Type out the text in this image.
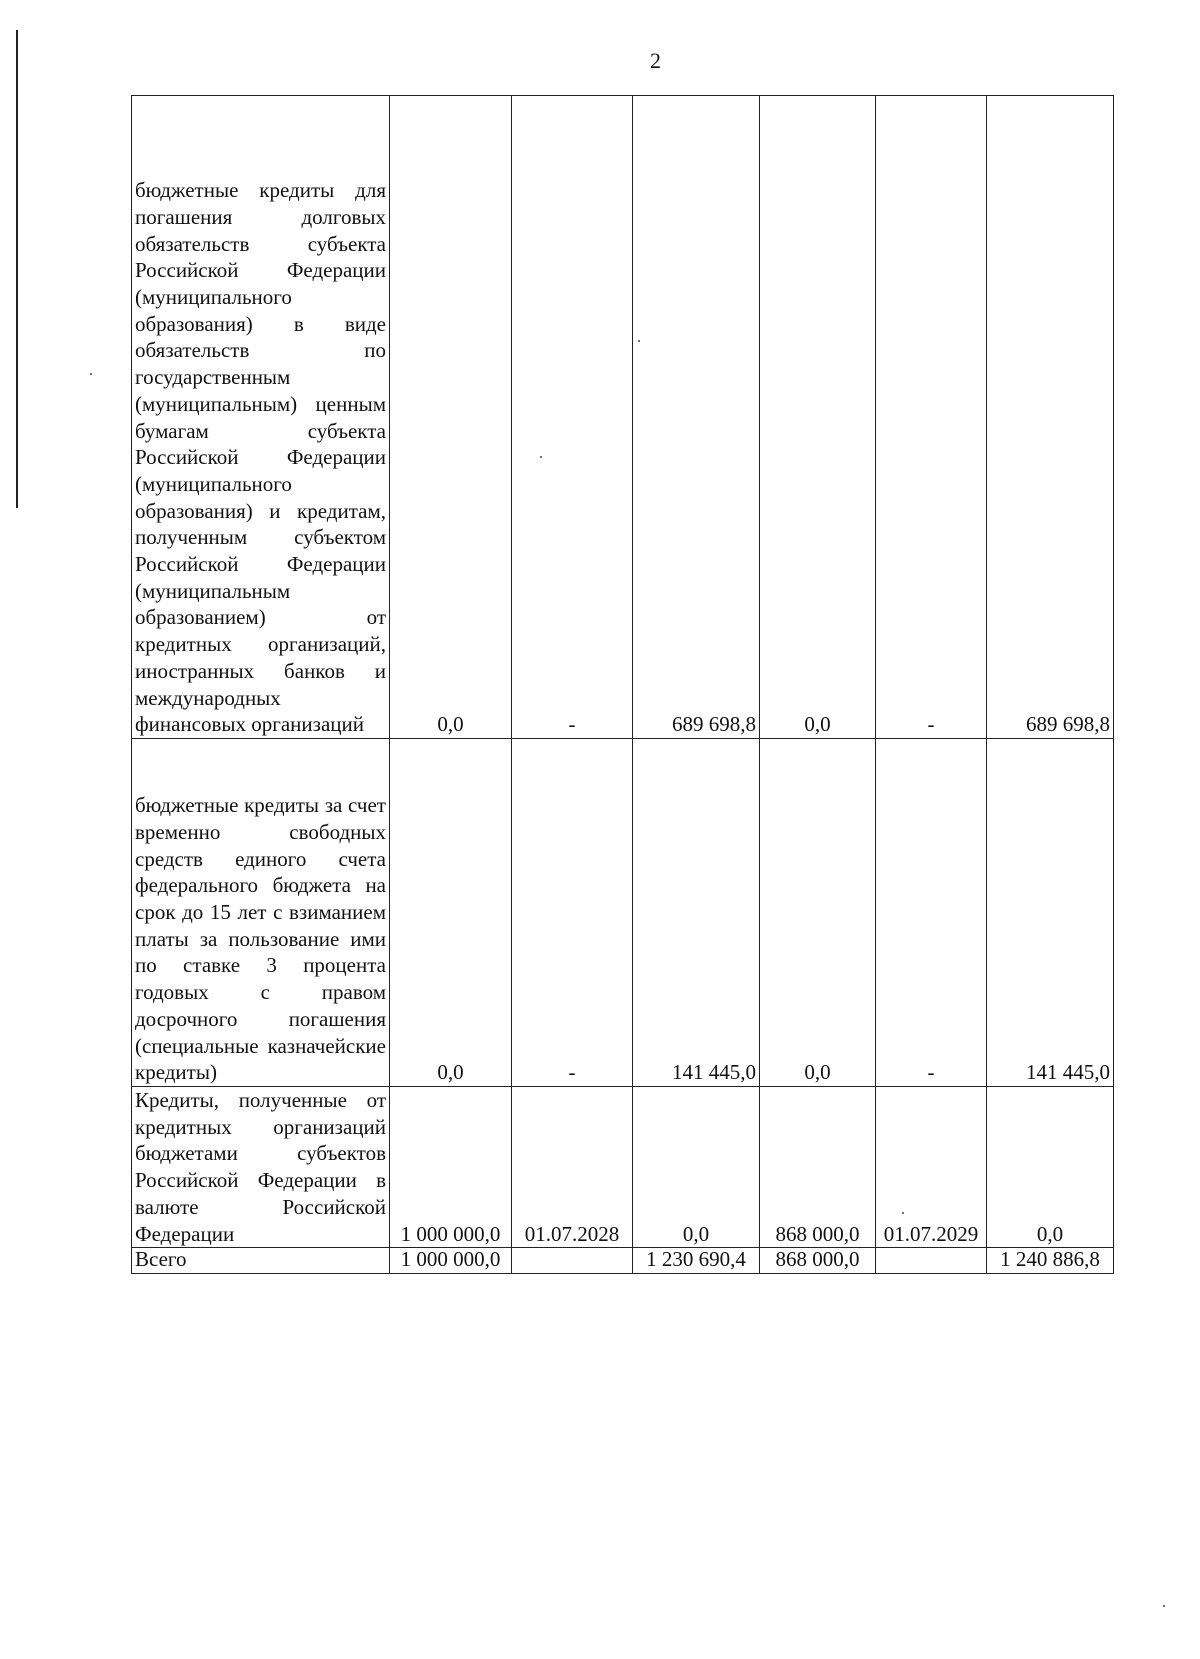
2
бюджетные кредиты для погашения долговых обязательств субъекта Российской Федерации (муниципального образования) в виде обязательств по государственным (муниципальным) ценным бумагам субъекта Российской Федерации (муниципального образования) и кредитам, полученным субъектом Российской Федерации (муниципальным образованием) от кредитных организаций, иностранных банков и международных финансовых организаций	0,0	-	689 698,8	0,0	-	689 698,8
бюджетные кредиты за счет временно свободных средств единого счета федерального бюджета на срок до 15 лет с взиманием платы за пользование ими по ставке 3 процента годовых с правом досрочного погашения (специальные казначейские кредиты)	0,0	-	141 445,0	0,0	-	141 445,0
Кредиты, полученные от кредитных организаций бюджетами субъектов Российской Федерации в валюте Российской Федерации	1 000 000,0	01.07.2028	0,0	868 000,0	01.07.2029	0,0
Всего	1 000 000,0		1 230 690,4	868 000,0		1 240 886,8
